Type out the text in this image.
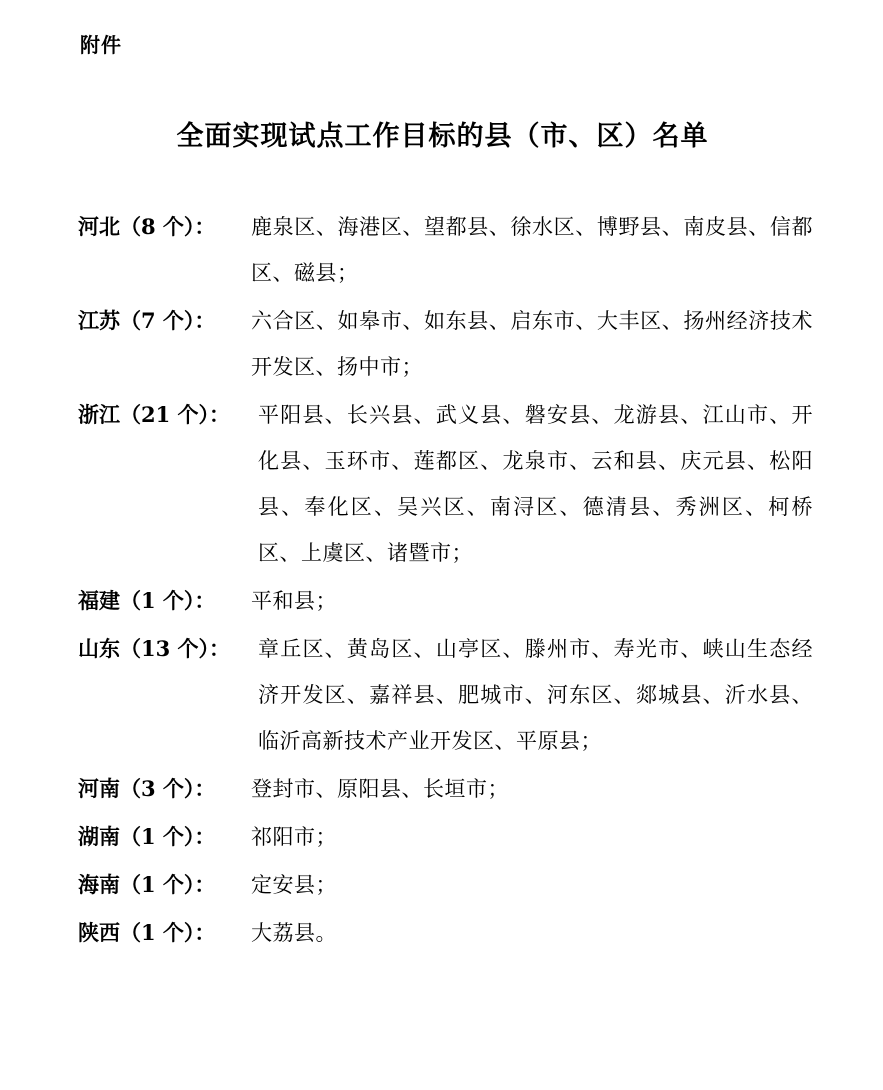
附件
全面实现试点工作目标的县（市、区）名单
河北（8 个）：	鹿泉区、海港区、望都县、徐水区、博野县、南皮县、信都区、磁县；
江苏（7 个）：	六合区、如皋市、如东县、启东市、大丰区、扬州经济技术开发区、扬中市；
浙江（21 个）：	平阳县、长兴县、武义县、磐安县、龙游县、江山市、开化县、玉环市、莲都区、龙泉市、云和县、庆元县、松阳县、奉化区、吴兴区、南浔区、德清县、秀洲区、柯桥区、上虞区、诸暨市；
福建（1 个）：	平和县；
山东（13 个）：	章丘区、黄岛区、山亭区、滕州市、寿光市、峡山生态经济开发区、嘉祥县、肥城市、河东区、郯城县、沂水县、临沂高新技术产业开发区、平原县；
河南（3 个）：	登封市、原阳县、长垣市；
湖南（1 个）：	祁阳市；
海南（1 个）：	定安县；
陕西（1 个）：	大荔县。
